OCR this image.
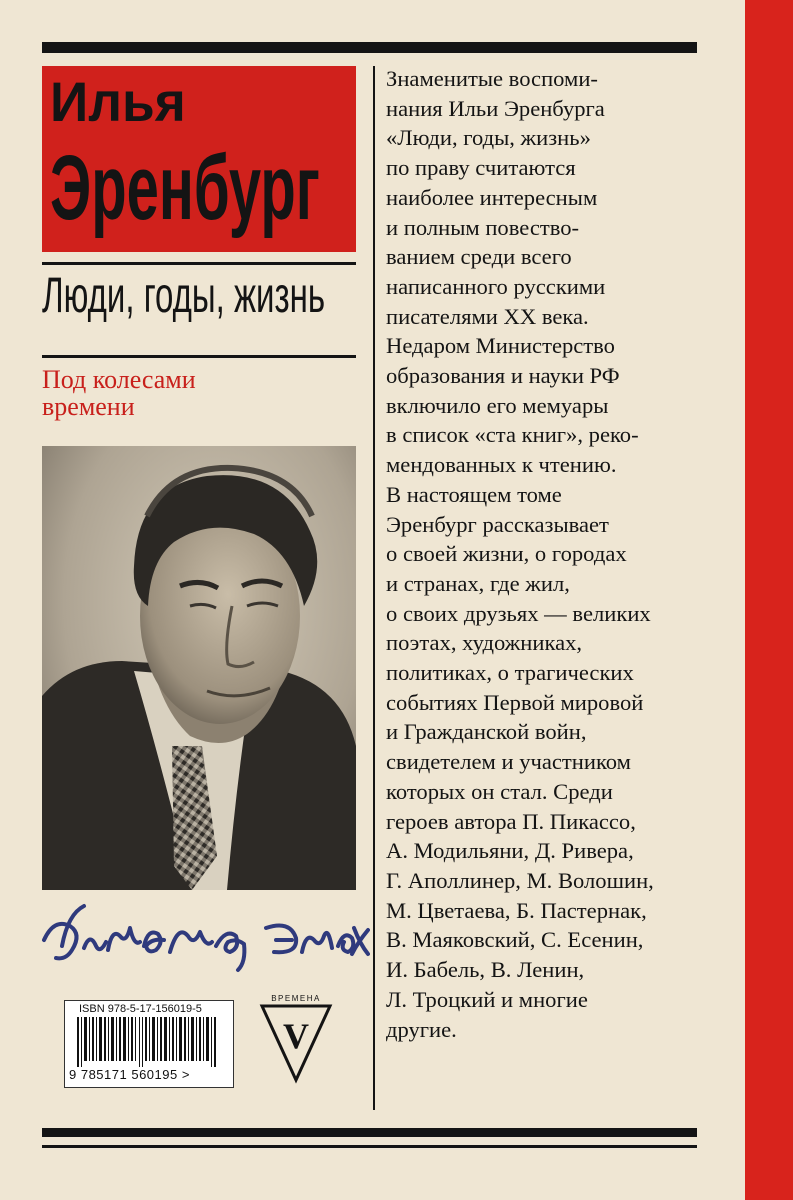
Илья
Эренбург
Люди, годы, жизнь
Под колесами
времени
ISBN 978-5-17-156019-5
9 785171 560195 >
ВРЕМЕНА
V
Знаменитые воспоми-
нания Ильи Эренбурга
«Люди, годы, жизнь»
по праву считаются
наиболее интересным
и полным повество-
ванием среди всего
написанного русскими
писателями XX века.
Недаром Министерство
образования и науки РФ
включило его мемуары
в список «ста книг», реко-
мендованных к чтению.
В настоящем томе
Эренбург рассказывает
о своей жизни, о городах
и странах, где жил,
о своих друзьях — великих
поэтах, художниках,
политиках, о трагических
событиях Первой мировой
и Гражданской войн,
свидетелем и участником
которых он стал. Среди
героев автора П. Пикассо,
А. Модильяни, Д. Ривера,
Г. Аполлинер, М. Волошин,
М. Цветаева, Б. Пастернак,
В. Маяковский, С. Есенин,
И. Бабель, В. Ленин,
Л. Троцкий и многие
другие.
